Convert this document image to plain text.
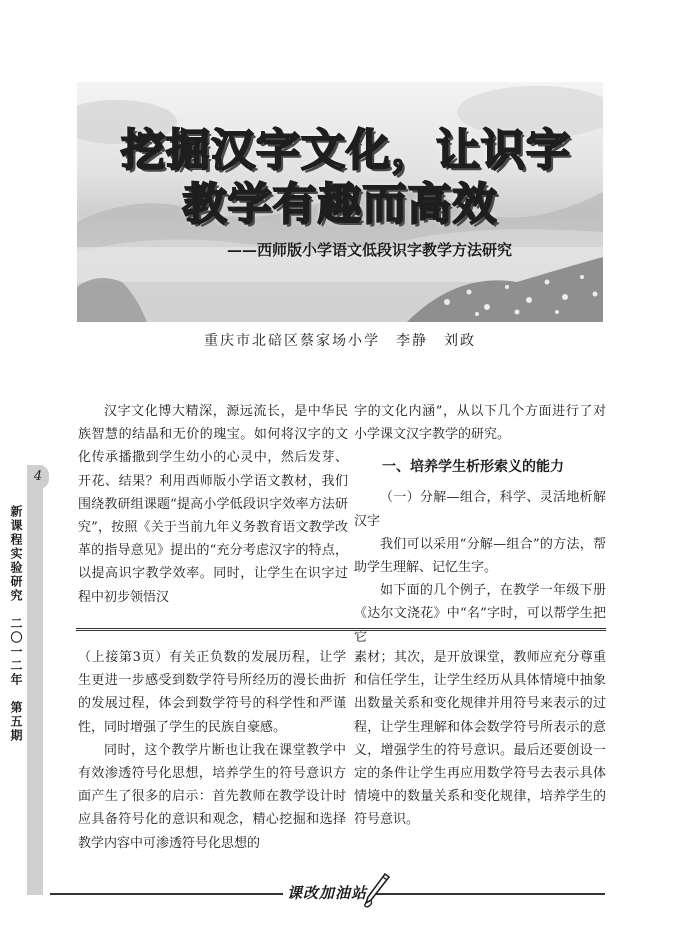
挖掘汉字文化，让识字
教学有趣而高效
——西师版小学语文低段识字教学方法研究
重庆市北碚区蔡家场小学　李静　刘政

汉字文化博大精深，源远流长，是中华民族智慧的结晶和无价的瑰宝。如何将汉字的文化传承播撒到学生幼小的心灵中，然后发芽、开花、结果？利用西师版小学语文教材，我们围绕教研组课题“提高小学低段识字效率方法研究”，按照《关于当前九年义务教育语文教学改革的指导意见》提出的“充分考虑汉字的特点，以提高识字教学效率。同时，让学生在识字过程中初步领悟汉

字的文化内涵”，从以下几个方面进行了对小学课文汉字教学的研究。

一、培养学生析形索义的能力

（一）分解—组合，科学、灵活地析解汉字

我们可以采用“分解—组合”的方法，帮助学生理解、记忆生字。

如下面的几个例子，在教学一年级下册《达尔文浇花》中“名”字时，可以帮学生把它

（上接第3页）有关正负数的发展历程，让学生更进一步感受到数学符号所经历的漫长曲折的发展过程，体会到数学符号的科学性和严谨性，同时增强了学生的民族自豪感。

同时，这个教学片断也让我在课堂教学中有效渗透符号化思想，培养学生的符号意识方面产生了很多的启示：首先教师在教学设计时应具备符号化的意识和观念，精心挖掘和选择教学内容中可渗透符号化思想的

素材；其次，是开放课堂，教师应充分尊重和信任学生，让学生经历从具体情境中抽象出数量关系和变化规律并用符号来表示的过程，让学生理解和体会数学符号所表示的意义，增强学生的符号意识。最后还要创设一定的条件让学生再应用数学符号去表示具体情境中的数量关系和变化规律，培养学生的符号意识。

4
新课程实验研究　二〇一二年　第五期
课改加油站
